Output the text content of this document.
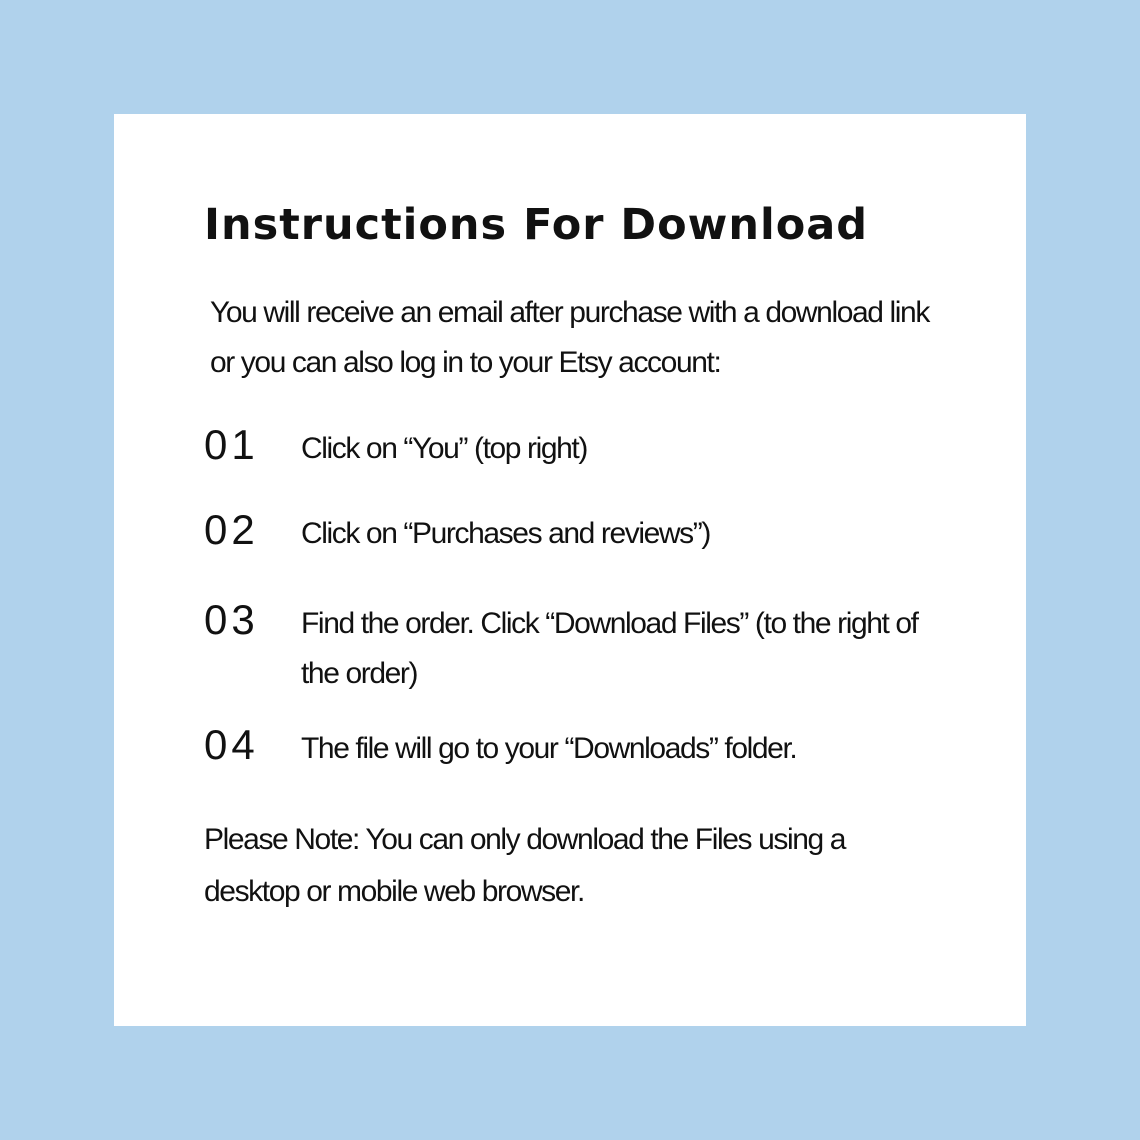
Instructions For Download

You will receive an email after purchase with a download link or you can also log in to your Etsy account:

01 Click on “You” (top right)
02 Click on “Purchases and reviews”)
03 Find the order. Click “Download Files” (to the right of the order)
04 The file will go to your “Downloads” folder.

Please Note: You can only download the Files using a desktop or mobile web browser.
